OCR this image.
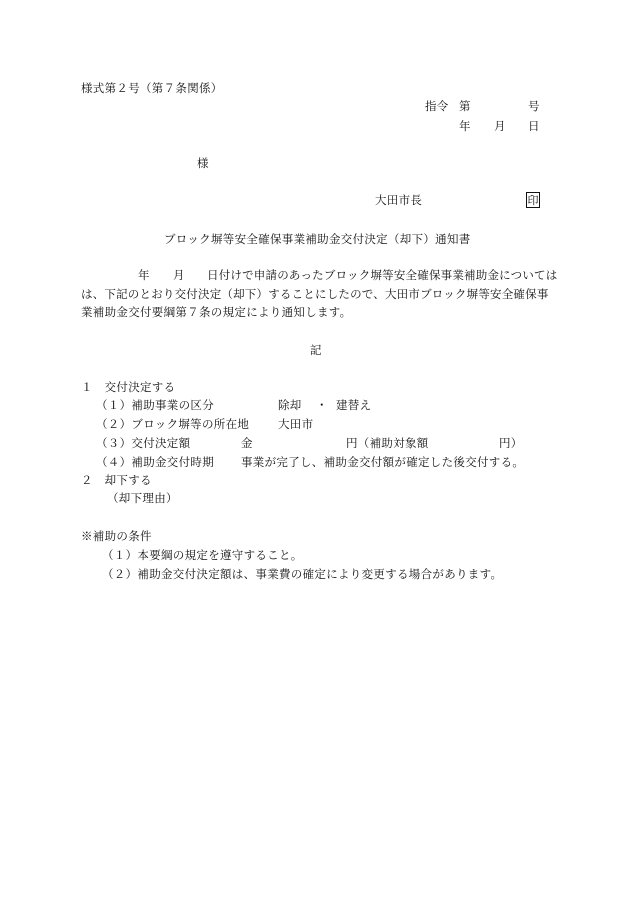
様式第２号（第７条関係）
指令 第	号
年 月 日
様
大田市長	印
ブロック塀等安全確保事業補助金交付決定（却下）通知書
年 月 日付けで申請のあったブロック塀等安全確保事業補助金については
は、下記のとおり交付決定（却下）することにしたので、大田市ブロック塀等安全確保事
業補助金交付要綱第７条の規定により通知します。
記
１　交付決定する
（１）補助事業の区分	除却 ・ 建替え
（２）ブロック塀等の所在地	大田市
（３）交付決定額	金	円（補助対象額	円）
（４）補助金交付時期 事業が完了し、補助金交付額が確定した後交付する。
２　却下する
（却下理由）
※補助の条件
（１）本要綱の規定を遵守すること。
（２）補助金交付決定額は、事業費の確定により変更する場合があります。
